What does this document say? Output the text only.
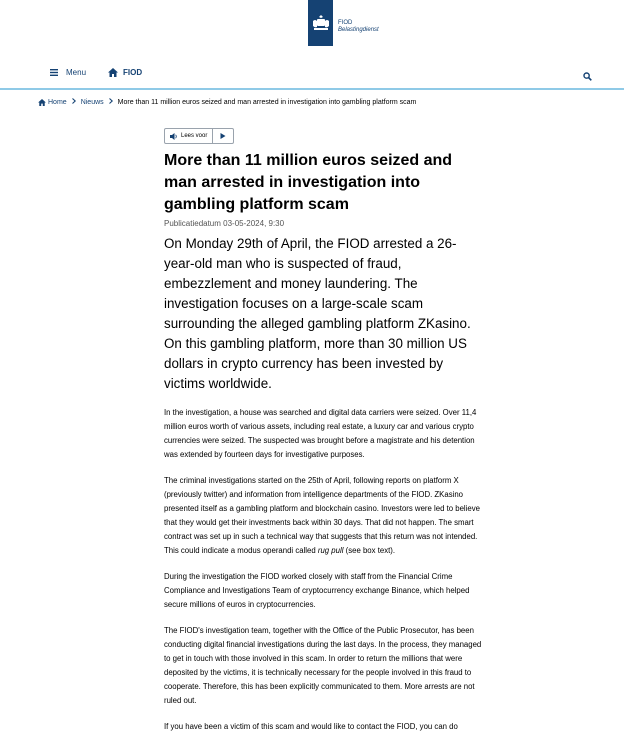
FIOD
Belastingdienst
Menu	FIOD
Home Nieuws More than 11 million euros seized and man arrested in investigation into gambling platform scam
Lees voor
More than 11 million euros seized and man arrested in investigation into gambling platform scam
Publicatiedatum 03-05-2024, 9:30
On Monday 29th of April, the FIOD arrested a 26-year-old man who is suspected of fraud, embezzlement and money laundering. The investigation focuses on a large-scale scam surrounding the alleged gambling platform ZKasino. On this gambling platform, more than 30 million US dollars in crypto currency has been invested by victims worldwide.

In the investigation, a house was searched and digital data carriers were seized. Over 11,4 million euros worth of various assets, including real estate, a luxury car and various crypto currencies were seized. The suspected was brought before a magistrate and his detention was extended by fourteen days for investigative purposes.

The criminal investigations started on the 25th of April, following reports on platform X (previously twitter) and information from intelligence departments of the FIOD. ZKasino presented itself as a gambling platform and blockchain casino. Investors were led to believe that they would get their investments back within 30 days. That did not happen. The smart contract was set up in such a technical way that suggests that this return was not intended. This could indicate a modus operandi called rug pull (see box text).

During the investigation the FIOD worked closely with staff from the Financial Crime Compliance and Investigations Team of cryptocurrency exchange Binance, which helped secure millions of euros in cryptocurrencies.

The FIOD's investigation team, together with the Office of the Public Prosecutor, has been conducting digital financial investigations during the last days. In the process, they managed to get in touch with those involved in this scam. In order to return the millions that were deposited by the victims, it is technically necessary for the people involved in this fraud to cooperate. Therefore, this has been explicitly communicated to them. More arrests are not ruled out.

If you have been a victim of this scam and would like to contact the FIOD, you can do
